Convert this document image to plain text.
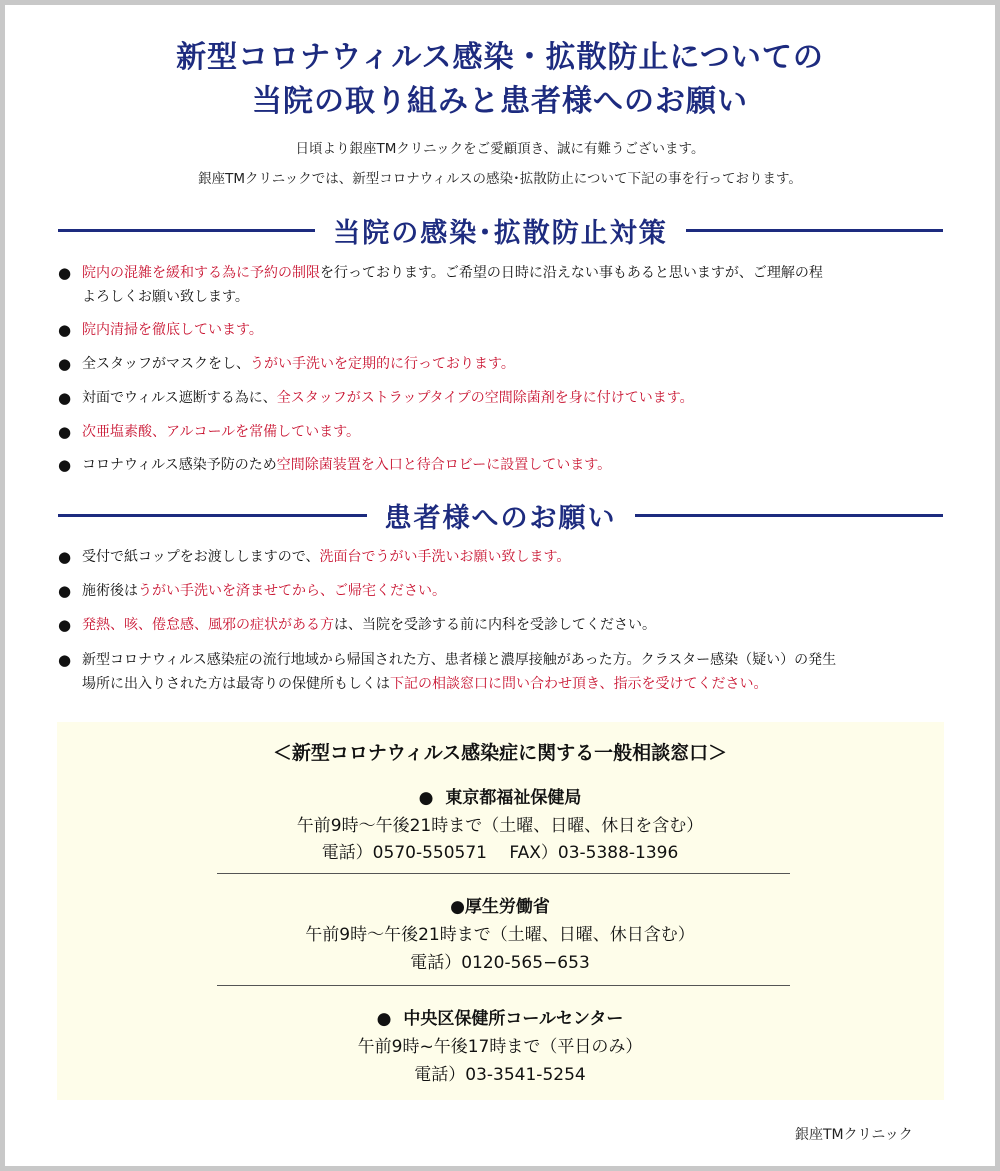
新型コロナウィルス感染・拡散防止についての
当院の取り組みと患者様へのお願い
日頃より銀座TMクリニックをご愛顧頂き、誠に有難うございます。
銀座TMクリニックでは、新型コロナウィルスの感染･拡散防止について下記の事を行っております。
当院の感染･拡散防止対策
● 院内の混雑を緩和する為に予約の制限を行っております。ご希望の日時に沿えない事もあると思いますが、ご理解の程
よろしくお願い致します。
● 院内清掃を徹底しています。
● 全スタッフがマスクをし、うがい手洗いを定期的に行っております。
● 対面でウィルス遮断する為に、全スタッフがストラップタイプの空間除菌剤を身に付けています。
● 次亜塩素酸、アルコールを常備しています。
● コロナウィルス感染予防のため空間除菌装置を入口と待合ロビーに設置しています。
患者様へのお願い
● 受付で紙コップをお渡ししますので、洗面台でうがい手洗いお願い致します。
● 施術後はうがい手洗いを済ませてから、ご帰宅ください。
● 発熱、咳、倦怠感、風邪の症状がある方は、当院を受診する前に内科を受診してください。
● 新型コロナウィルス感染症の流行地域から帰国された方、患者様と濃厚接触があった方。クラスター感染（疑い）の発生
場所に出入りされた方は最寄りの保健所もしくは下記の相談窓口に問い合わせ頂き、指示を受けてください。
＜新型コロナウィルス感染症に関する一般相談窓口＞
●  東京都福祉保健局
午前9時～午後21時まで（土曜、日曜、休日を含む）
電話）0570-550571　 FAX）03-5388-1396
●厚生労働省
午前9時～午後21時まで（土曜、日曜、休日含む）
電話）0120-565−653
●  中央区保健所コールセンター
午前9時~午後17時まで（平日のみ）
電話）03-3541-5254
銀座TMクリニック
